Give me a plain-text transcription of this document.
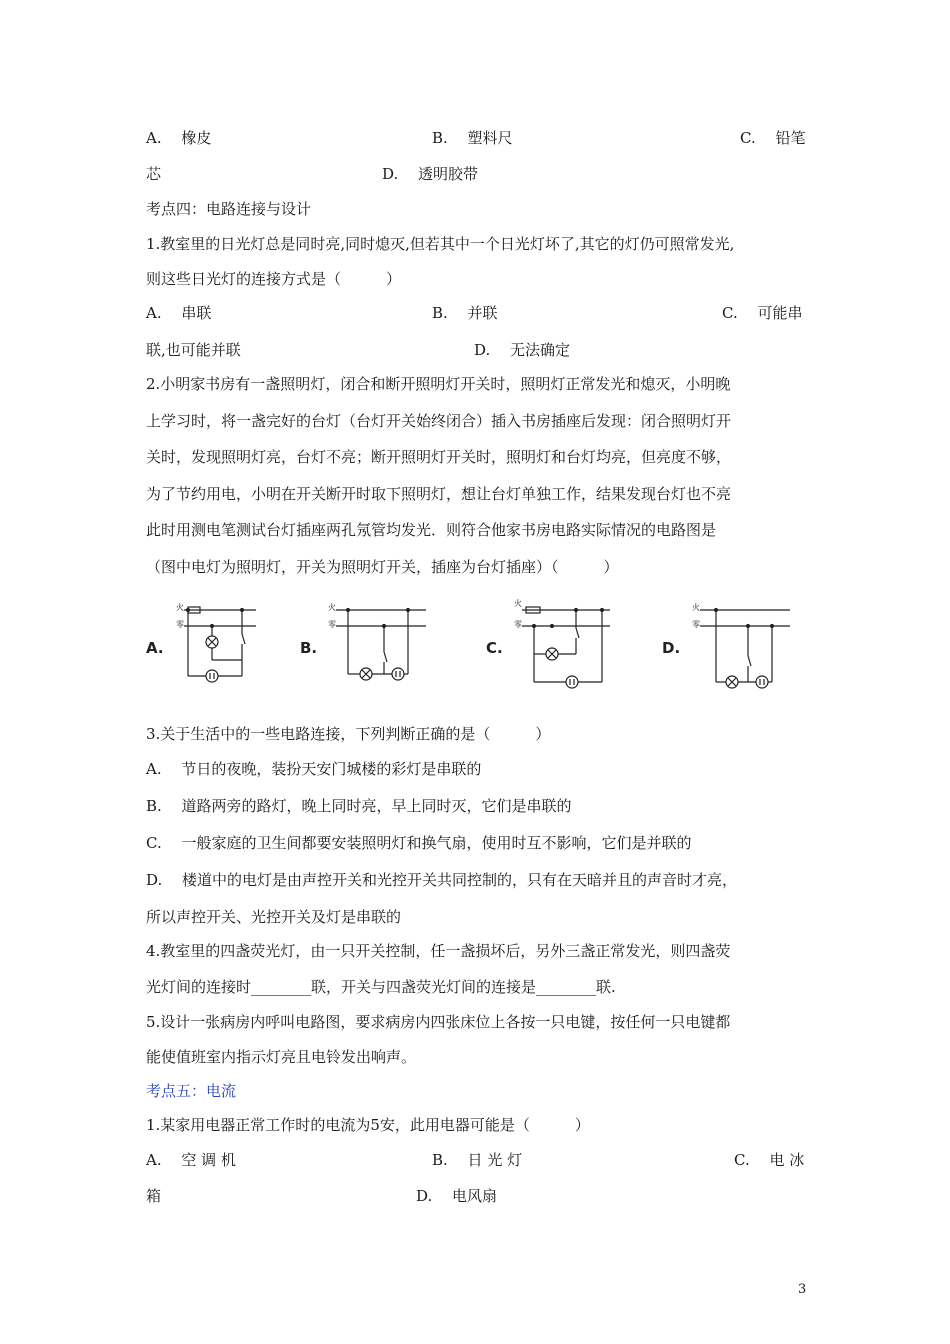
A.　 橡皮	B.　 塑料尺	C.　 铅笔
芯	D.　 透明胶带
考点四：电路连接与设计
1.教室里的日光灯总是同时亮,同时熄灭,但若其中一个日光灯坏了,其它的灯仍可照常发光,
则这些日光灯的连接方式是（　　　）
A.　 串联	B.　 并联	C.　 可能串
联,也可能并联	D.　 无法确定
2.小明家书房有一盏照明灯，闭合和断开照明灯开关时，照明灯正常发光和熄灭，小明晚
上学习时，将一盏完好的台灯（台灯开关始终闭合）插入书房插座后发现：闭合照明灯开
关时，发现照明灯亮，台灯不亮；断开照明灯开关时，照明灯和台灯均亮，但亮度不够，
为了节约用电，小明在开关断开时取下照明灯，想让台灯单独工作，结果发现台灯也不亮
此时用测电笔测试台灯插座两孔氖管均发光．则符合他家书房电路实际情况的电路图是
（图中电灯为照明灯，开关为照明灯开关，插座为台灯插座）（　　　）
A.
火
零
B.
火
零
C.
火
零
D.
火
零
3.关于生活中的一些电路连接，下列判断正确的是（　　　）
A.　 节日的夜晚，装扮天安门城楼的彩灯是串联的
B.　 道路两旁的路灯，晚上同时亮，早上同时灭，它们是串联的
C.　 一般家庭的卫生间都要安装照明灯和换气扇，使用时互不影响，它们是并联的
D.　 楼道中的电灯是由声控开关和光控开关共同控制的，只有在天暗并且的声音时才亮，
所以声控开关、光控开关及灯是串联的
4.教室里的四盏荧光灯，由一只开关控制，任一盏损坏后，另外三盏正常发光，则四盏荧
光灯间的连接时________联，开关与四盏荧光灯间的连接是________联.
5.设计一张病房内呼叫电路图，要求病房内四张床位上各按一只电键，按任何一只电键都
能使值班室内指示灯亮且电铃发出响声。
考点五：电流
1.某家用电器正常工作时的电流为5安，此用电器可能是（　　　）
A.　 空 调 机	B.　 日 光 灯	C.　 电 冰
箱	D.　 电风扇
3
